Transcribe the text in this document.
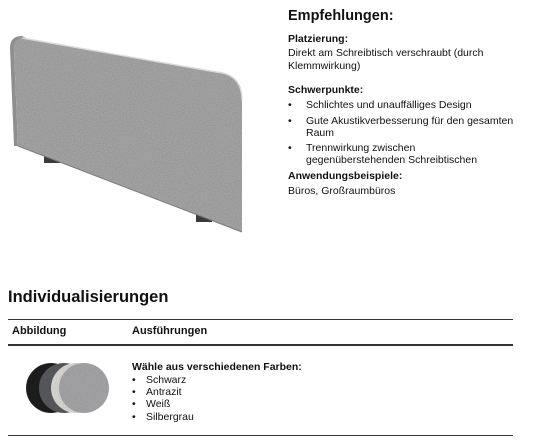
Empfehlungen:
Platzierung:
Direkt am Schreibtisch verschraubt (durch Klemmwirkung)
Schwerpunkte:
• Schlichtes und unauffälliges Design
• Gute Akustikverbesserung für den gesamten Raum
• Trennwirkung zwischen gegenüberstehenden Schreibtischen
Anwendungsbeispiele:
Büros, Großraumbüros
Individualisierungen
Abbildung	Ausführungen
Wähle aus verschiedenen Farben:
• Schwarz
• Antrazit
• Weiß
• Silbergrau
